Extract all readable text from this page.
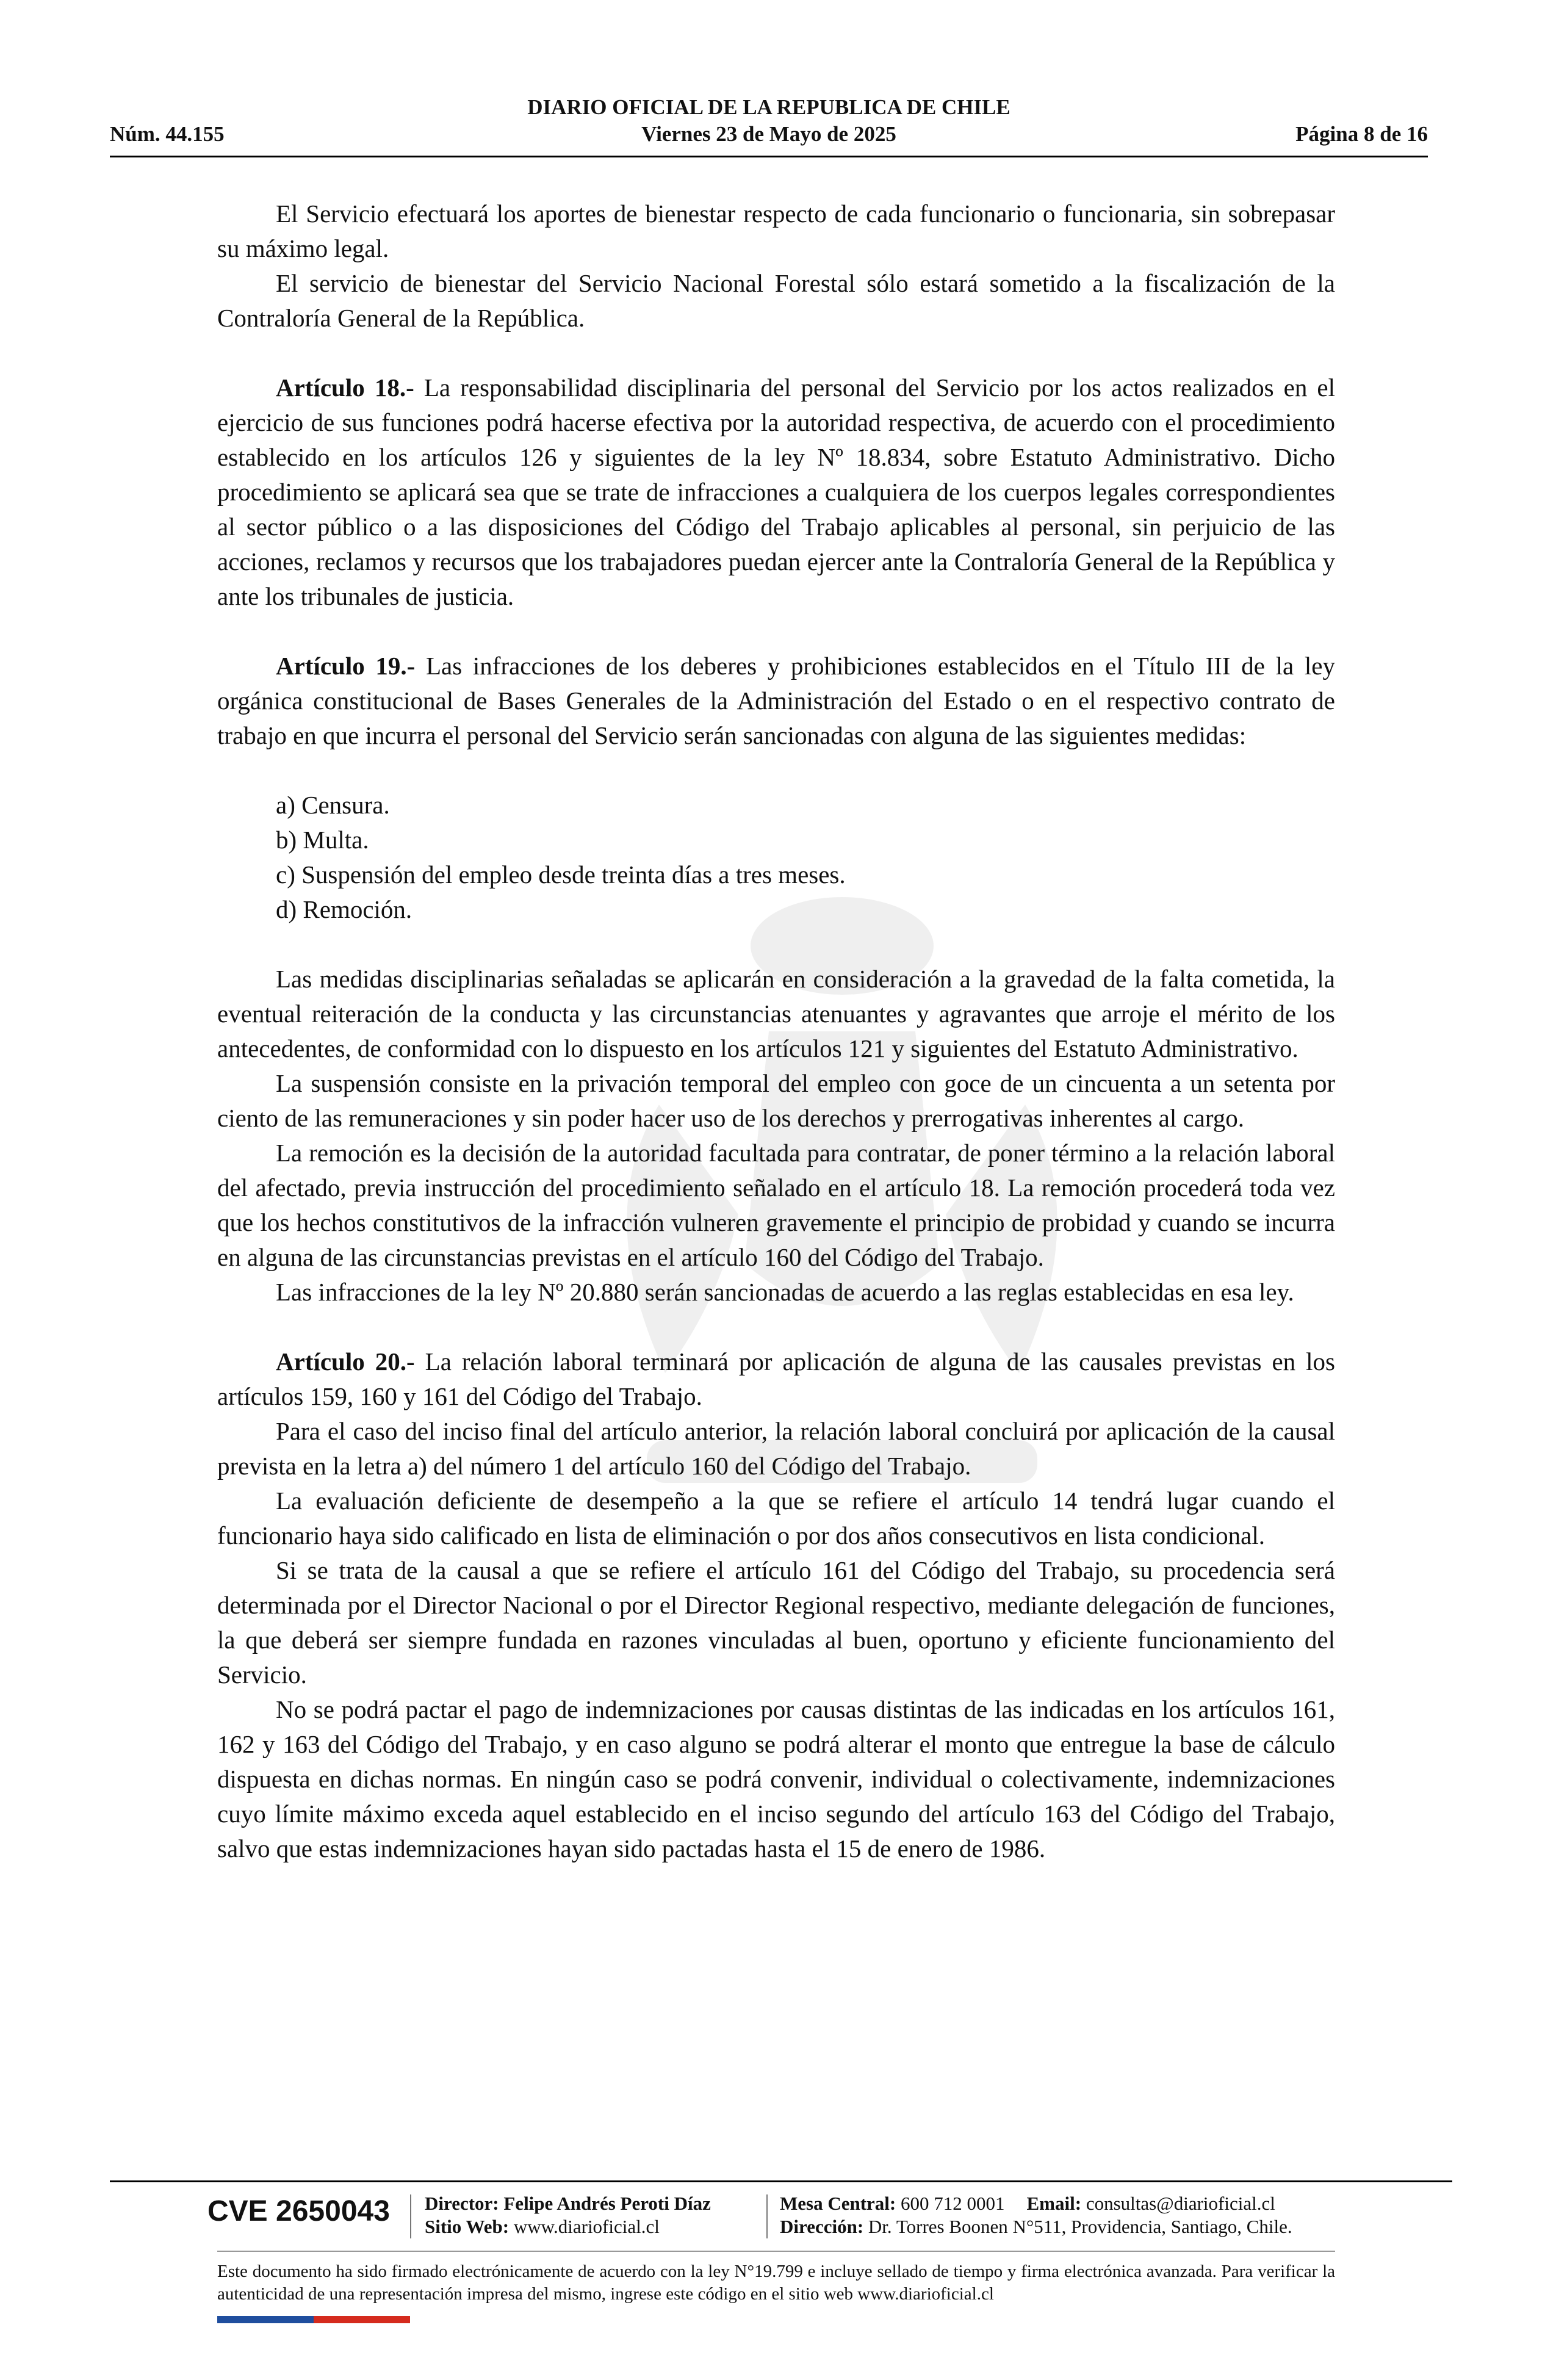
DIARIO OFICIAL DE LA REPUBLICA DE CHILE
Núm. 44.155	Viernes 23 de Mayo de 2025	Página 8 de 16

El Servicio efectuará los aportes de bienestar respecto de cada funcionario o funcionaria, sin sobrepasar su máximo legal.

El servicio de bienestar del Servicio Nacional Forestal sólo estará sometido a la fiscalización de la Contraloría General de la República.

Artículo 18.- La responsabilidad disciplinaria del personal del Servicio por los actos realizados en el ejercicio de sus funciones podrá hacerse efectiva por la autoridad respectiva, de acuerdo con el procedimiento establecido en los artículos 126 y siguientes de la ley Nº 18.834, sobre Estatuto Administrativo. Dicho procedimiento se aplicará sea que se trate de infracciones a cualquiera de los cuerpos legales correspondientes al sector público o a las disposiciones del Código del Trabajo aplicables al personal, sin perjuicio de las acciones, reclamos y recursos que los trabajadores puedan ejercer ante la Contraloría General de la República y ante los tribunales de justicia.

Artículo 19.- Las infracciones de los deberes y prohibiciones establecidos en el Título III de la ley orgánica constitucional de Bases Generales de la Administración del Estado o en el respectivo contrato de trabajo en que incurra el personal del Servicio serán sancionadas con alguna de las siguientes medidas:

a) Censura.

b) Multa.

c) Suspensión del empleo desde treinta días a tres meses.

d) Remoción.

Las medidas disciplinarias señaladas se aplicarán en consideración a la gravedad de la falta cometida, la eventual reiteración de la conducta y las circunstancias atenuantes y agravantes que arroje el mérito de los antecedentes, de conformidad con lo dispuesto en los artículos 121 y siguientes del Estatuto Administrativo.

La suspensión consiste en la privación temporal del empleo con goce de un cincuenta a un setenta por ciento de las remuneraciones y sin poder hacer uso de los derechos y prerrogativas inherentes al cargo.

La remoción es la decisión de la autoridad facultada para contratar, de poner término a la relación laboral del afectado, previa instrucción del procedimiento señalado en el artículo 18. La remoción procederá toda vez que los hechos constitutivos de la infracción vulneren gravemente el principio de probidad y cuando se incurra en alguna de las circunstancias previstas en el artículo 160 del Código del Trabajo.

Las infracciones de la ley Nº 20.880 serán sancionadas de acuerdo a las reglas establecidas en esa ley.

Artículo 20.- La relación laboral terminará por aplicación de alguna de las causales previstas en los artículos 159, 160 y 161 del Código del Trabajo.

Para el caso del inciso final del artículo anterior, la relación laboral concluirá por aplicación de la causal prevista en la letra a) del número 1 del artículo 160 del Código del Trabajo.

La evaluación deficiente de desempeño a la que se refiere el artículo 14 tendrá lugar cuando el funcionario haya sido calificado en lista de eliminación o por dos años consecutivos en lista condicional.

Si se trata de la causal a que se refiere el artículo 161 del Código del Trabajo, su procedencia será determinada por el Director Nacional o por el Director Regional respectivo, mediante delegación de funciones, la que deberá ser siempre fundada en razones vinculadas al buen, oportuno y eficiente funcionamiento del Servicio.

No se podrá pactar el pago de indemnizaciones por causas distintas de las indicadas en los artículos 161, 162 y 163 del Código del Trabajo, y en caso alguno se podrá alterar el monto que entregue la base de cálculo dispuesta en dichas normas. En ningún caso se podrá convenir, individual o colectivamente, indemnizaciones cuyo límite máximo exceda aquel establecido en el inciso segundo del artículo 163 del Código del Trabajo, salvo que estas indemnizaciones hayan sido pactadas hasta el 15 de enero de 1986.

CVE 2650043 Director: Felipe Andrés Peroti Díaz
Sitio Web: www.diarioficial.cl
Mesa Central: 600 712 0001 Email: consultas@diarioficial.cl
Dirección: Dr. Torres Boonen N°511, Providencia, Santiago, Chile.
Este documento ha sido firmado electrónicamente de acuerdo con la ley N°19.799 e incluye sellado de tiempo y firma electrónica avanzada. Para verificar la autenticidad de una representación impresa del mismo, ingrese este código en el sitio web www.diarioficial.cl
